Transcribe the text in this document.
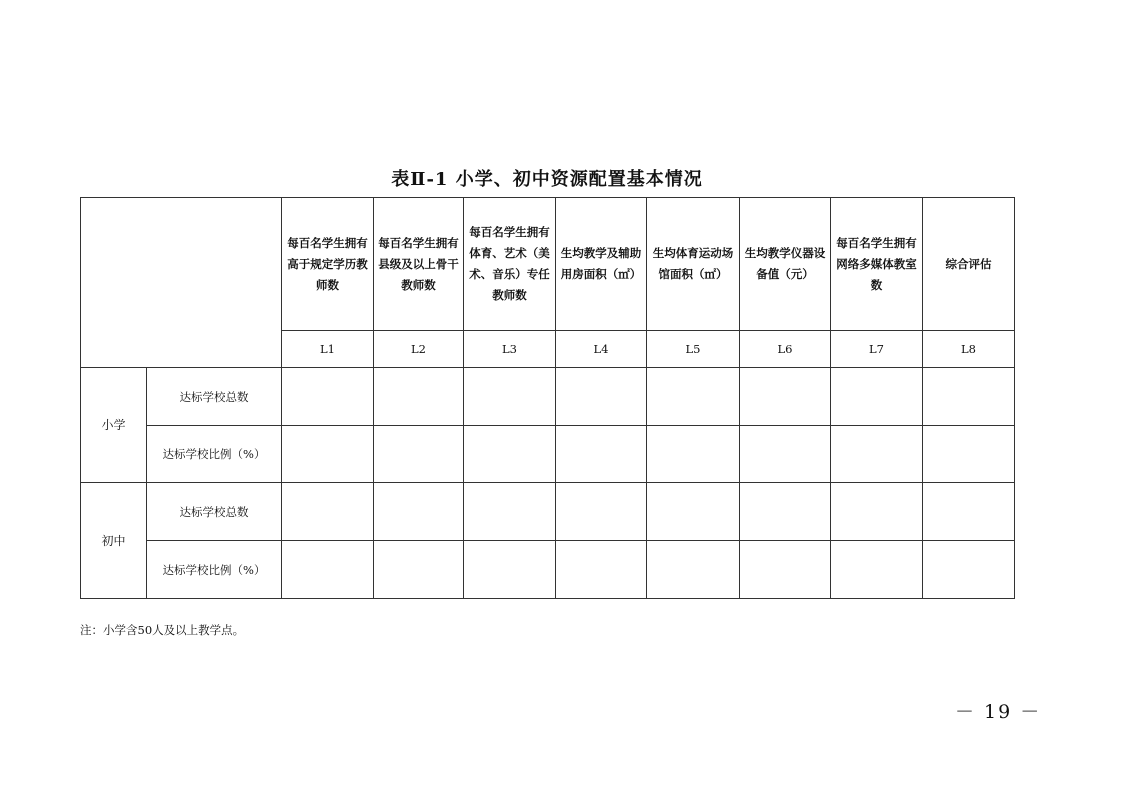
表Ⅱ-1 小学、初中资源配置基本情况
		每百名学生拥有高于规定学历教师数	每百名学生拥有县级及以上骨干教师数	每百名学生拥有体育、艺术（美术、音乐）专任教师数	生均教学及辅助用房面积（㎡）	生均体育运动场馆面积（㎡）	生均教学仪器设备值（元）	每百名学生拥有网络多媒体教室数	综合评估
		L1	L2	L3	L4	L5	L6	L7	L8
小学	达标学校总数								
	达标学校比例（%）								
初中	达标学校总数								
	达标学校比例（%）								
注：小学含50人及以上教学点。
－ 19 －
